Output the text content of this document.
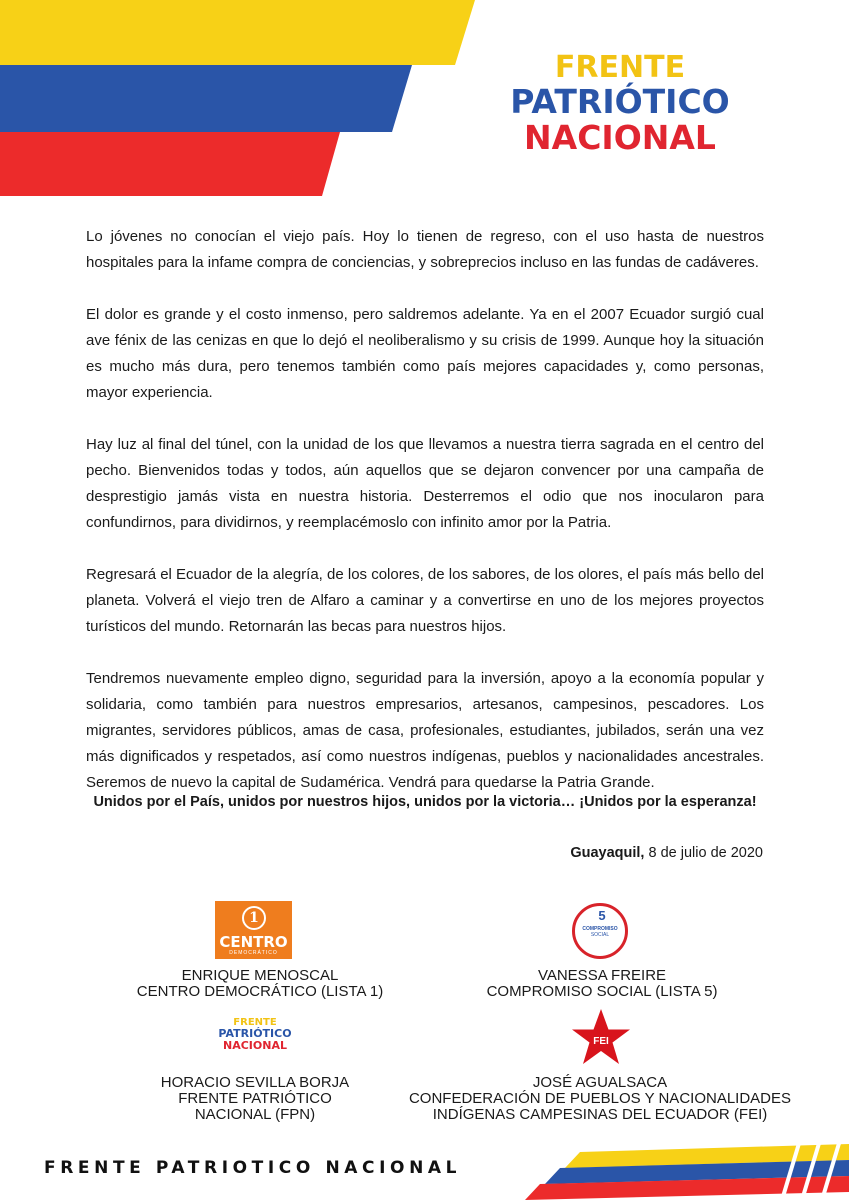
FRENTE
PATRIÓTICO
NACIONAL

Lo jóvenes no conocían el viejo país. Hoy lo tienen de regreso, con el uso hasta de nuestros hospitales para la infame compra de conciencias, y sobreprecios incluso en las fundas de cadáveres.

El dolor es grande y el costo inmenso, pero saldremos adelante. Ya en el 2007 Ecuador surgió cual ave fénix de las cenizas en que lo dejó el neoliberalismo y su crisis de 1999. Aunque hoy la situación es mucho más dura, pero tenemos también como país mejores capacidades y, como personas, mayor experiencia.

Hay luz al final del túnel, con la unidad de los que llevamos a nuestra tierra sagrada en el centro del pecho. Bienvenidos todas y todos, aún aquellos que se dejaron convencer por una campaña de desprestigio jamás vista en nuestra historia. Desterremos el odio que nos inocularon para confundirnos, para dividirnos, y reemplacémoslo con infinito amor por la Patria.

Regresará el Ecuador de la alegría, de los colores, de los sabores, de los olores, el país más bello del planeta. Volverá el viejo tren de Alfaro a caminar y a convertirse en uno de los mejores proyectos turísticos del mundo. Retornarán las becas para nuestros hijos.

Tendremos nuevamente empleo digno, seguridad para la inversión, apoyo a la economía popular y solidaria, como también para nuestros empresarios, artesanos, campesinos, pescadores. Los migrantes, servidores públicos, amas de casa, profesionales, estudiantes, jubilados, serán una vez más dignificados y respetados, así como nuestros indígenas, pueblos y nacionalidades ancestrales. Seremos de nuevo la capital de Sudamérica. Vendrá para quedarse la Patria Grande.

Unidos por el País, unidos por nuestros hijos, unidos por la victoria… ¡Unidos por la esperanza!
Guayaquil, 8 de julio de 2020
1
CENTRO
DEMOCRÁTICO
ENRIQUE MENOSCAL
CENTRO DEMOCRÁTICO (LISTA 1)
5
COMPROMISO
SOCIAL
VANESSA FREIRE
COMPROMISO SOCIAL (LISTA 5)
FRENTE
PATRIÓTICO
NACIONAL
HORACIO SEVILLA BORJA
FRENTE PATRIÓTICO
NACIONAL (FPN)
FEI
JOSÉ AGUALSACA
CONFEDERACIÓN DE PUEBLOS Y NACIONALIDADES
INDÍGENAS CAMPESINAS DEL ECUADOR (FEI)
FRENTE PATRIOTICO NACIONAL
